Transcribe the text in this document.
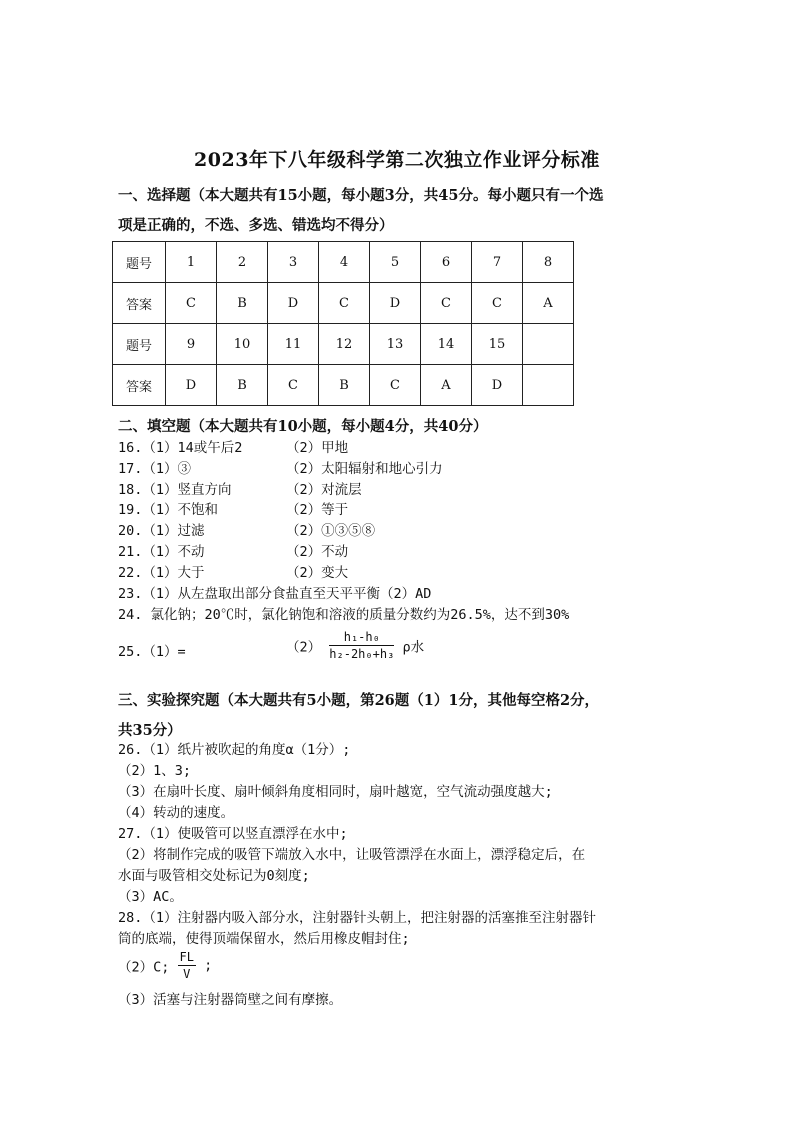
2023年下八年级科学第二次独立作业评分标准
一、选择题（本大题共有15小题，每小题3分，共45分。每小题只有一个选
项是正确的，不选、多选、错选均不得分）
题号	1	2	3	4	5	6	7	8
答案	C	B	D	C	D	C	C	A
题号	9	10	11	12	13	14	15	
答案	D	B	C	B	C	A	D	
二、填空题（本大题共有10小题，每小题4分，共40分）
16.（1）14或午后2	（2）甲地
17.（1）③	（2）太阳辐射和地心引力
18.（1）竖直方向	（2）对流层
19.（1）不饱和	（2）等于
20.（1）过滤	（2）①③⑤⑧
21.（1）不动	（2）不动
22.（1）大于	（2）变大
23.（1）从左盘取出部分食盐直至天平平衡（2）AD
24. 氯化钠；20℃时，氯化钠饱和溶液的质量分数约为26.5%，达不到30%
25.（1）=	$(2) \frac{\text{h₁-h₀}}{\text{h₂-2h₀+h₃}}$ ρ水
三、实验探究题（本大题共有5小题，第26题（1）1分，其他每空格2分，
共35分）
26.（1）纸片被吹起的角度α（1分）;
（2）1、3;
（3）在扇叶长度、扇叶倾斜角度相同时，扇叶越宽，空气流动强度越大;
（4）转动的速度。
27.（1）使吸管可以竖直漂浮在水中;
（2）将制作完成的吸管下端放入水中，让吸管漂浮在水面上，漂浮稳定后，在
水面与吸管相交处标记为0刻度;
（3）AC。
28.（1）注射器内吸入部分水，注射器针头朝上，把注射器的活塞推至注射器针
筒的底端，使得顶端保留水，然后用橡皮帽封住;
（2）C; $\frac{FL}{V}$ ;
（3）活塞与注射器筒壁之间有摩擦。
